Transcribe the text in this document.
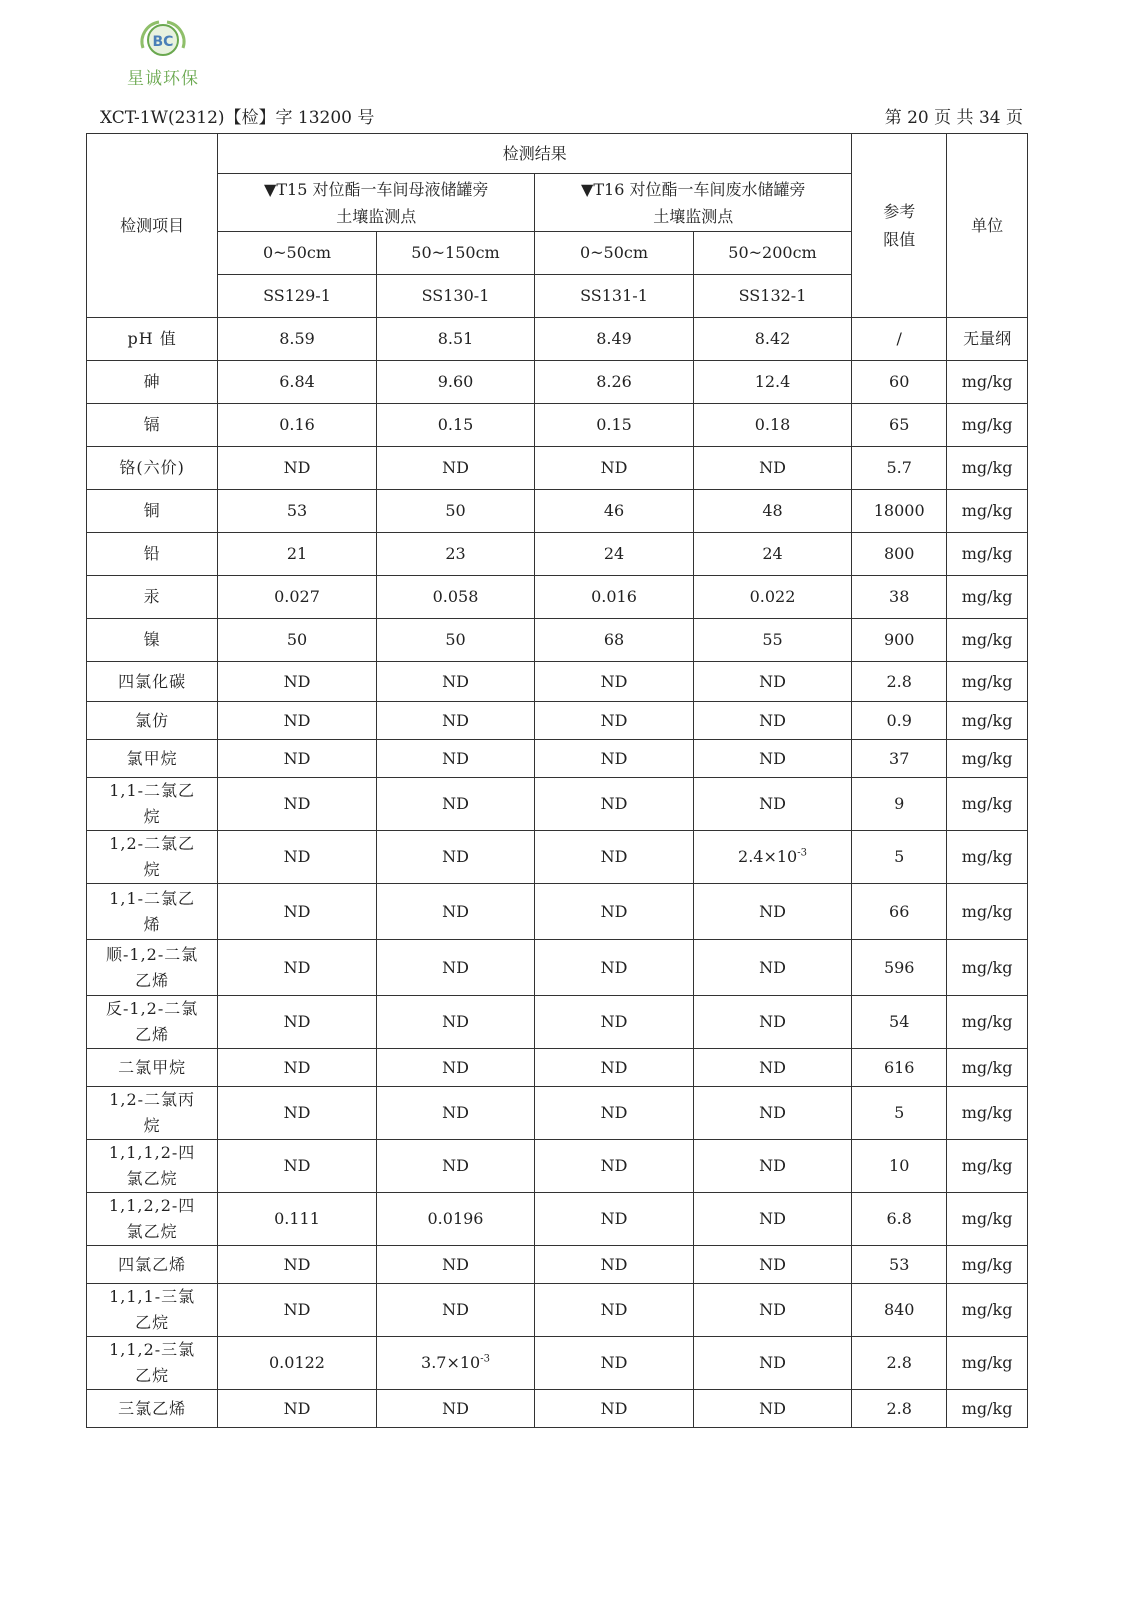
BC
星诚环保
XCT-1W(2312)【检】字 13200 号	第 20 页 共 34 页
检测项目	检测结果				参考限值	单位

	▼T15 对位酯一车间母液储罐旁土壤监测点		▼T16 对位酯一车间废水储罐旁土壤监测点			

	0~50cm	50~150cm	0~50cm	50~200cm		
	SS129-1	SS130-1	SS131-1	SS132-1		

pH 值	8.59	8.51	8.49	8.42	/	无量纲

砷	6.84	9.60	8.26	12.4	60	mg/kg

镉	0.16	0.15	0.15	0.18	65	mg/kg

铬(六价)	ND	ND	ND	ND	5.7	mg/kg

铜	53	50	46	48	18000	mg/kg

铅	21	23	24	24	800	mg/kg

汞	0.027	0.058	0.016	0.022	38	mg/kg

镍	50	50	68	55	900	mg/kg

四氯化碳	ND	ND	ND	ND	2.8	mg/kg

氯仿	ND	ND	ND	ND	0.9	mg/kg

氯甲烷	ND	ND	ND	ND	37	mg/kg

1,1-二氯乙烷	ND	ND	ND	ND	9	mg/kg

1,2-二氯乙烷	ND	ND	ND	$2.4\times 10^{-3}$	5	mg/kg

1,1-二氯乙烯	ND	ND	ND	ND	66	mg/kg

顺-1,2-二氯乙烯	ND	ND	ND	ND	596	mg/kg

反-1,2-二氯乙烯	ND	ND	ND	ND	54	mg/kg

二氯甲烷	ND	ND	ND	ND	616	mg/kg

1,2-二氯丙烷	ND	ND	ND	ND	5	mg/kg

1,1,1,2-四氯乙烷	ND	ND	ND	ND	10	mg/kg

1,1,2,2-四氯乙烷	0.111	0.0196	ND	ND	6.8	mg/kg

四氯乙烯	ND	ND	ND	ND	53	mg/kg

1,1,1-三氯乙烷	ND	ND	ND	ND	840	mg/kg

1,1,2-三氯乙烷	0.0122	$3.7\times 10^{-3}$	ND	ND	2.8	mg/kg

三氯乙烯	ND	ND	ND	ND	2.8	mg/kg
